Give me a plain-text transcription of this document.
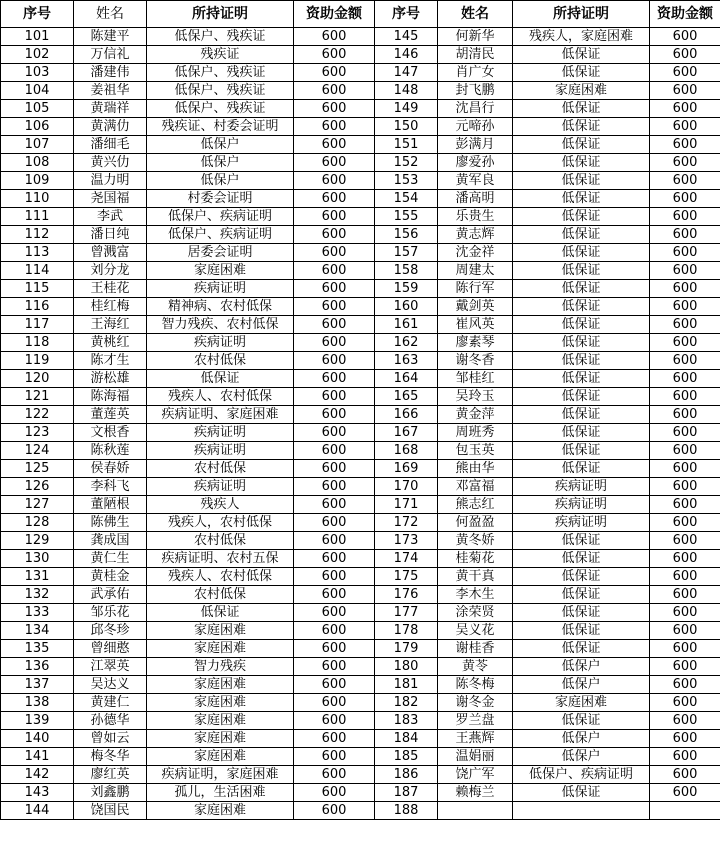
序号	姓名	所持证明	资助金额	序号	姓名	所持证明	资助金额
101	陈建平	低保户、残疾证	600	145	何新华	残疾人，家庭困难	600
102	万信礼	残疾证	600	146	胡清民	低保证	600
103	潘建伟	低保户、残疾证	600	147	肖广女	低保证	600
104	姜祖华	低保户、残疾证	600	148	封飞鹏	家庭困难	600
105	黄瑞祥	低保户、残疾证	600	149	沈昌行	低保证	600
106	黄满仂	残疾证、村委会证明	600	150	元啼孙	低保证	600
107	潘细毛	低保户	600	151	彭满月	低保证	600
108	黄兴仂	低保户	600	152	廖爱孙	低保证	600
109	温力明	低保户	600	153	黄军良	低保证	600
110	尧国福	村委会证明	600	154	潘高明	低保证	600
111	李武	低保户、疾病证明	600	155	乐贵生	低保证	600
112	潘日纯	低保户、疾病证明	600	156	黄志辉	低保证	600
113	曾溅富	居委会证明	600	157	沈金祥	低保证	600
114	刘分龙	家庭困难	600	158	周建太	低保证	600
115	王桂花	疾病证明	600	159	陈行军	低保证	600
116	桂红梅	精神病、农村低保	600	160	戴剑英	低保证	600
117	王海红	智力残疾、农村低保	600	161	崔风英	低保证	600
118	黄桃红	疾病证明	600	162	廖素琴	低保证	600
119	陈才生	农村低保	600	163	谢冬香	低保证	600
120	游松雄	低保证	600	164	邹桂红	低保证	600
121	陈海福	残疾人、农村低保	600	165	吴玲玉	低保证	600
122	董莲英	疾病证明、家庭困难	600	166	黄金萍	低保证	600
123	文根香	疾病证明	600	167	周班秀	低保证	600
124	陈秋莲	疾病证明	600	168	包玉英	低保证	600
125	侯春娇	农村低保	600	169	熊由华	低保证	600
126	李科飞	疾病证明	600	170	邓富福	疾病证明	600
127	董陋根	残疾人	600	171	熊志红	疾病证明	600
128	陈佛生	残疾人，农村低保	600	172	何盈盈	疾病证明	600
129	龚成国	农村低保	600	173	黄冬娇	低保证	600
130	黄仁生	疾病证明、农村五保	600	174	桂菊花	低保证	600
131	黄桂金	残疾人、农村低保	600	175	黄干真	低保证	600
132	武承佑	农村低保	600	176	李木生	低保证	600
133	邹乐花	低保证	600	177	涂荣贤	低保证	600
134	邱冬珍	家庭困难	600	178	吴义花	低保证	600
135	曾细憨	家庭困难	600	179	谢桂香	低保证	600
136	江翠英	智力残疾	600	180	黄苓	低保户	600
137	吴达义	家庭困难	600	181	陈冬梅	低保户	600
138	黄建仁	家庭困难	600	182	谢冬金	家庭困难	600
139	孙德华	家庭困难	600	183	罗兰盘	低保证	600
140	曾如云	家庭困难	600	184	王燕辉	低保户	600
141	梅冬华	家庭困难	600	185	温娟丽	低保户	600
142	廖红英	疾病证明，家庭困难	600	186	饶广军	低保户、疾病证明	600
143	刘鑫鹏	孤儿，生活困难	600	187	赖梅兰	低保证	600
144	饶国民	家庭困难	600	188			
